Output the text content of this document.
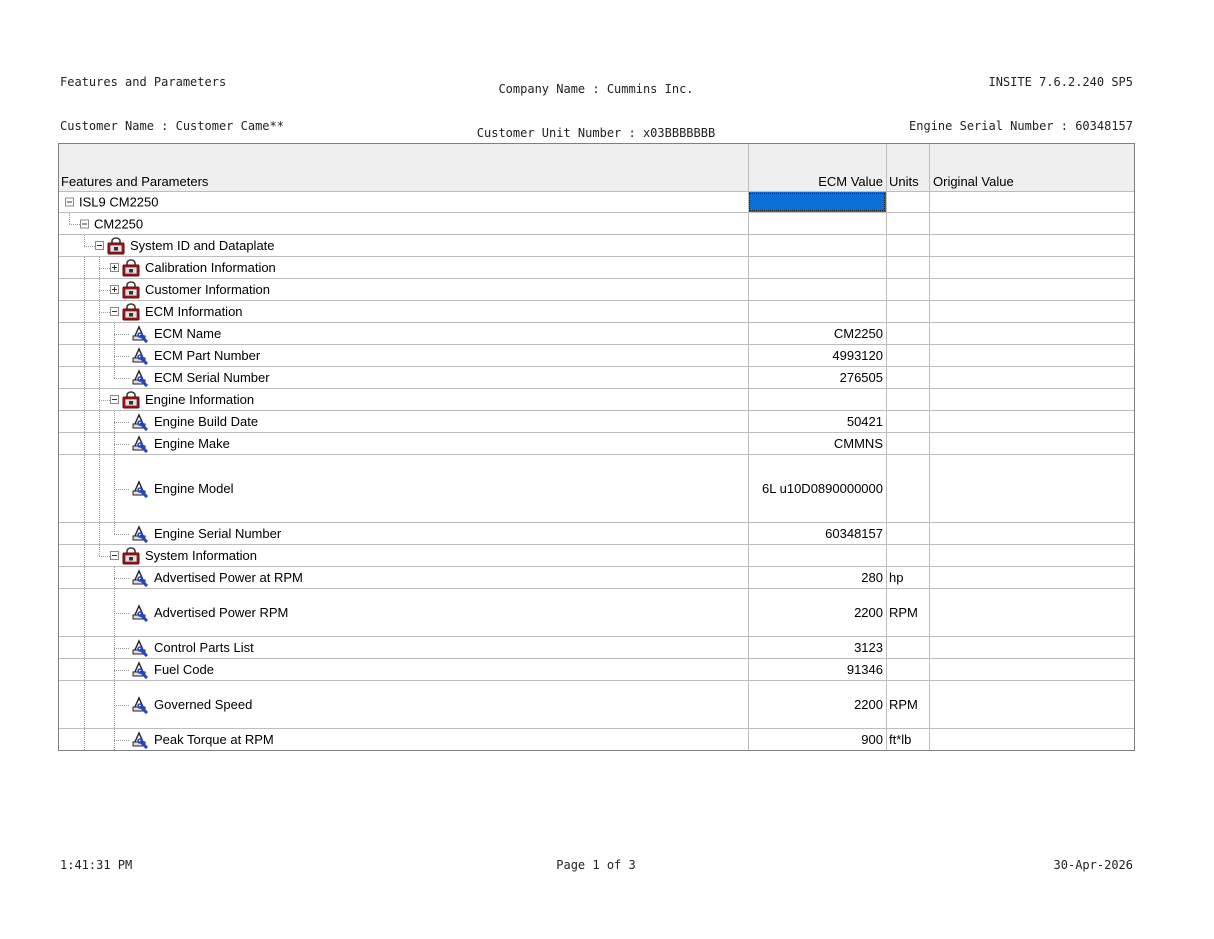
Features and Parameters

Customer Name : Customer Came**

Company Name : Cummins Inc.

Customer Unit Number : x03BBBBBBB

INSITE 7.6.2.240 SP5

Engine Serial Number : 60348157

Features and Parameters	ECM Value Units	Original Value
ISL9 CM2250
CM2250
System ID and Dataplate
Calibration Information
Customer Information
ECM Information
ECM Name	CM2250
ECM Part Number	4993120
ECM Serial Number	276505
Engine Information
Engine Build Date	50421
Engine Make	CMMNS
Engine Model	6L u10D0890000000
Engine Serial Number	60348157
System Information
Advertised Power at RPM	280 hp
Advertised Power RPM	2200 RPM
Control Parts List	3123
Fuel Code	91346
Governed Speed	2200 RPM
Peak Torque at RPM	900 ft*lb
1:41:31 PM	Page 1 of 3	30-Apr-2026
